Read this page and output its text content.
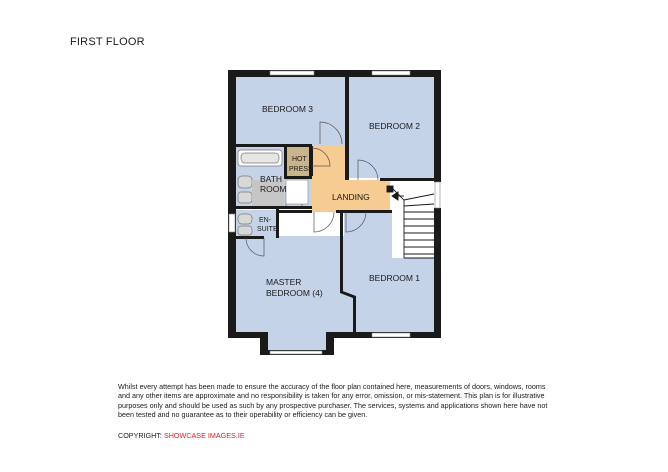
FIRST FLOOR
BEDROOM 3
BEDROOM 2
HOT
PRESS
BATH
ROOM
LANDING
EN-
SUITE
MASTER
BEDROOM (4)
BEDROOM 1
Whilst every attempt has been made to ensure the accuracy of the floor plan contained here, measurements of doors, windows, rooms and any other items are approximate and no responsibility is taken for any error, omission, or mis-statement. This plan is for illustrative purposes only and should be used as such by any prospective purchaser. The services, systems and applications shown here have not been tested and no guarantee as to their operability or efficiency can be given.
COPYRIGHT: SHOWCASE IMAGES.IE
